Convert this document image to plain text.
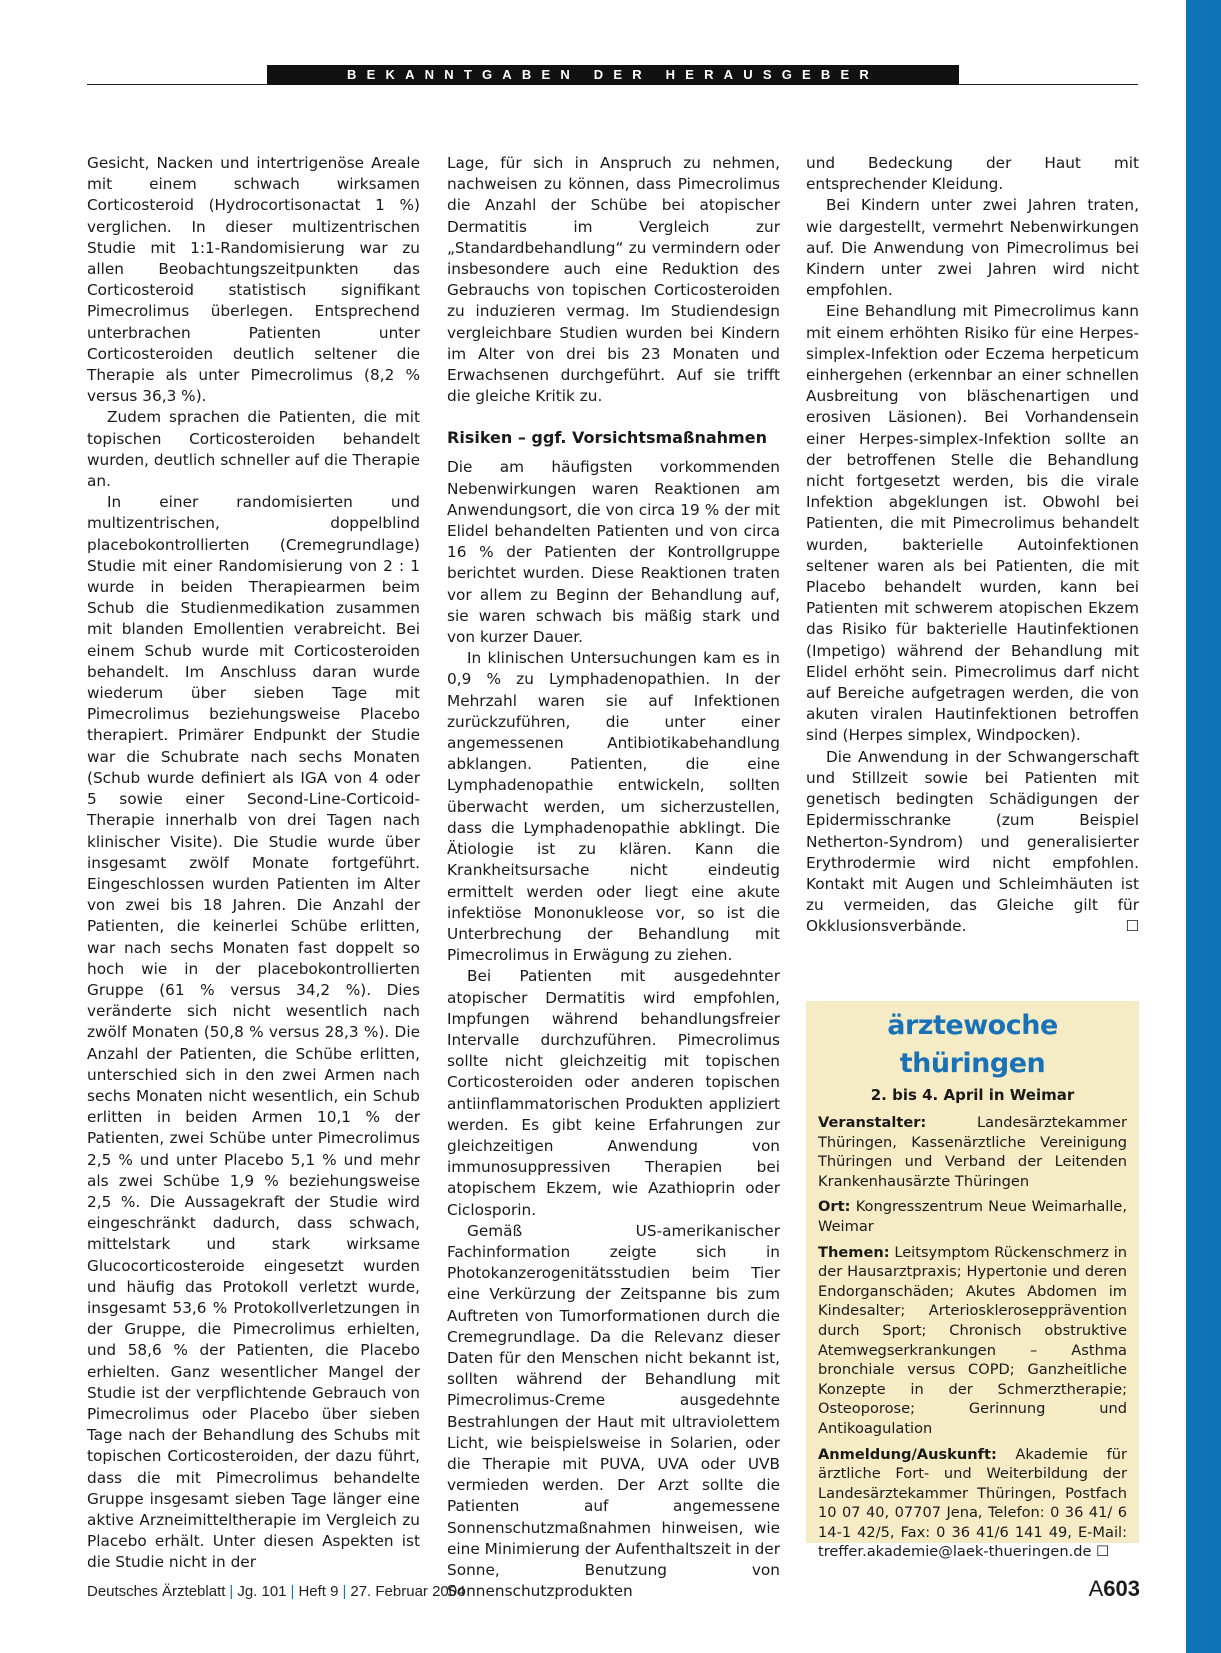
BEKANNTGABEN DER HERAUSGEBER

Gesicht, Nacken und intertrigenöse Areale mit einem schwach wirksamen Corticosteroid (Hydrocortisonactat 1 %) verglichen. In dieser multizentrischen Studie mit 1:1-Randomisierung war zu allen Beobachtungszeitpunkten das Corticosteroid statistisch signifikant Pimecrolimus überlegen. Entsprechend unterbrachen Patienten unter Corticosteroiden deutlich seltener die Therapie als unter Pimecrolimus (8,2 % versus 36,3 %).

Zudem sprachen die Patienten, die mit topischen Corticosteroiden behandelt wurden, deutlich schneller auf die Therapie an.

In einer randomisierten und multizentrischen, doppelblind placebokontrollierten (Cremegrundlage) Studie mit einer Randomisierung von 2 : 1 wurde in beiden Therapiearmen beim Schub die Studienmedikation zusammen mit blanden Emollentien verabreicht. Bei einem Schub wurde mit Corticosteroiden behandelt. Im Anschluss daran wurde wiederum über sieben Tage mit Pimecrolimus beziehungsweise Placebo therapiert. Primärer Endpunkt der Studie war die Schubrate nach sechs Monaten (Schub wurde definiert als IGA von 4 oder 5 sowie einer Second-Line-Corticoid-Therapie innerhalb von drei Tagen nach klinischer Visite). Die Studie wurde über insgesamt zwölf Monate fortgeführt. Eingeschlossen wurden Patienten im Alter von zwei bis 18 Jahren. Die Anzahl der Patienten, die keinerlei Schübe erlitten, war nach sechs Monaten fast doppelt so hoch wie in der placebokontrollierten Gruppe (61 % versus 34,2 %). Dies veränderte sich nicht wesentlich nach zwölf Monaten (50,8 % versus 28,3 %). Die Anzahl der Patienten, die Schübe erlitten, unterschied sich in den zwei Armen nach sechs Monaten nicht wesentlich, ein Schub erlitten in beiden Armen 10,1 % der Patienten, zwei Schübe unter Pimecrolimus 2,5 % und unter Placebo 5,1 % und mehr als zwei Schübe 1,9 % beziehungsweise 2,5 %. Die Aussagekraft der Studie wird eingeschränkt dadurch, dass schwach, mittelstark und stark wirksame Glucocorticosteroide eingesetzt wurden und häufig das Protokoll verletzt wurde, insgesamt 53,6 % Protokollverletzungen in der Gruppe, die Pimecrolimus erhielten, und 58,6 % der Patienten, die Placebo erhielten. Ganz wesentlicher Mangel der Studie ist der verpflichtende Gebrauch von Pimecrolimus oder Placebo über sieben Tage nach der Behandlung des Schubs mit topischen Corticosteroiden, der dazu führt, dass die mit Pimecrolimus behandelte Gruppe insgesamt sieben Tage länger eine aktive Arzneimitteltherapie im Vergleich zu Placebo erhält. Unter diesen Aspekten ist die Studie nicht in der

Lage, für sich in Anspruch zu nehmen, nachweisen zu können, dass Pimecrolimus die Anzahl der Schübe bei atopischer Dermatitis im Vergleich zur „Standardbehandlung“ zu vermindern oder insbesondere auch eine Reduktion des Gebrauchs von topischen Corticosteroiden zu induzieren vermag. Im Studiendesign vergleichbare Studien wurden bei Kindern im Alter von drei bis 23 Monaten und Erwachsenen durchgeführt. Auf sie trifft die gleiche Kritik zu.

Risiken – ggf. Vorsichtsmaßnahmen

Die am häufigsten vorkommenden Nebenwirkungen waren Reaktionen am Anwendungsort, die von circa 19 % der mit Elidel behandelten Patienten und von circa 16 % der Patienten der Kontrollgruppe berichtet wurden. Diese Reaktionen traten vor allem zu Beginn der Behandlung auf, sie waren schwach bis mäßig stark und von kurzer Dauer.

In klinischen Untersuchungen kam es in 0,9 % zu Lymphadenopathien. In der Mehrzahl waren sie auf Infektionen zurückzuführen, die unter einer angemessenen Antibiotikabehandlung abklangen. Patienten, die eine Lymphadenopathie entwickeln, sollten überwacht werden, um sicherzustellen, dass die Lymphadenopathie abklingt. Die Ätiologie ist zu klären. Kann die Krankheitsursache nicht eindeutig ermittelt werden oder liegt eine akute infektiöse Mononukleose vor, so ist die Unterbrechung der Behandlung mit Pimecrolimus in Erwägung zu ziehen.

Bei Patienten mit ausgedehnter atopischer Dermatitis wird empfohlen, Impfungen während behandlungsfreier Intervalle durchzuführen. Pimecrolimus sollte nicht gleichzeitig mit topischen Corticosteroiden oder anderen topischen antiinflammatorischen Produkten appliziert werden. Es gibt keine Erfahrungen zur gleichzeitigen Anwendung von immunosuppressiven Therapien bei atopischem Ekzem, wie Azathioprin oder Ciclosporin.

Gemäß US-amerikanischer Fachinformation zeigte sich in Photokanzerogenitätsstudien beim Tier eine Verkürzung der Zeitspanne bis zum Auftreten von Tumorformationen durch die Cremegrundlage. Da die Relevanz dieser Daten für den Menschen nicht bekannt ist, sollten während der Behandlung mit Pimecrolimus-Creme ausgedehnte Bestrahlungen der Haut mit ultraviolettem Licht, wie beispielsweise in Solarien, oder die Therapie mit PUVA, UVA oder UVB vermieden werden. Der Arzt sollte die Patienten auf angemessene Sonnenschutzmaßnahmen hinweisen, wie eine Minimierung der Aufenthaltszeit in der Sonne, Benutzung von Sonnenschutzprodukten

und Bedeckung der Haut mit entsprechender Kleidung.

Bei Kindern unter zwei Jahren traten, wie dargestellt, vermehrt Nebenwirkungen auf. Die Anwendung von Pimecrolimus bei Kindern unter zwei Jahren wird nicht empfohlen.

Eine Behandlung mit Pimecrolimus kann mit einem erhöhten Risiko für eine Herpes-simplex-Infektion oder Eczema herpeticum einhergehen (erkennbar an einer schnellen Ausbreitung von bläschenartigen und erosiven Läsionen). Bei Vorhandensein einer Herpes-simplex-Infektion sollte an der betroffenen Stelle die Behandlung nicht fortgesetzt werden, bis die virale Infektion abgeklungen ist. Obwohl bei Patienten, die mit Pimecrolimus behandelt wurden, bakterielle Autoinfektionen seltener waren als bei Patienten, die mit Placebo behandelt wurden, kann bei Patienten mit schwerem atopischen Ekzem das Risiko für bakterielle Hautinfektionen (Impetigo) während der Behandlung mit Elidel erhöht sein. Pimecrolimus darf nicht auf Bereiche aufgetragen werden, die von akuten viralen Hautinfektionen betroffen sind (Herpes simplex, Windpocken).

Die Anwendung in der Schwangerschaft und Stillzeit sowie bei Patienten mit genetisch bedingten Schädigungen der Epidermisschranke (zum Beispiel Netherton-Syndrom) und generalisierter Erythrodermie wird nicht empfohlen. Kontakt mit Augen und Schleimhäuten ist zu vermeiden, das Gleiche gilt für Okklusionsverbände.	☐

ärztewoche thüringen
2. bis 4. April in Weimar

Veranstalter:	Landesärztekammer Thüringen, Kassenärztliche Vereinigung Thüringen und Verband der Leitenden Krankenhausärzte Thüringen

Ort: Kongresszentrum Neue Weimarhalle, Weimar

Themen: Leitsymptom Rückenschmerz in der Hausarztpraxis; Hypertonie und deren Endorganschäden; Akutes Abdomen im Kindesalter; Arteriosklerosepprävention durch Sport; Chronisch obstruktive Atemwegserkrankungen – Asthma bronchiale versus COPD; Ganzheitliche Konzepte in der Schmerztherapie; Osteoporose; Gerinnung und Antikoagulation

Anmeldung/Auskunft: Akademie für ärztliche Fort- und Weiterbildung der Landesärztekammer Thüringen, Postfach 10 07 40, 07707 Jena, Telefon: 0 36 41/ 6 14-1 42/5, Fax: 0 36 41/6 141 49, E-Mail: treffer.akademie@laek-thueringen.de ☐

Deutsches Ärzteblatt | Jg. 101 | Heft 9 | 27. Februar 2004	A603
